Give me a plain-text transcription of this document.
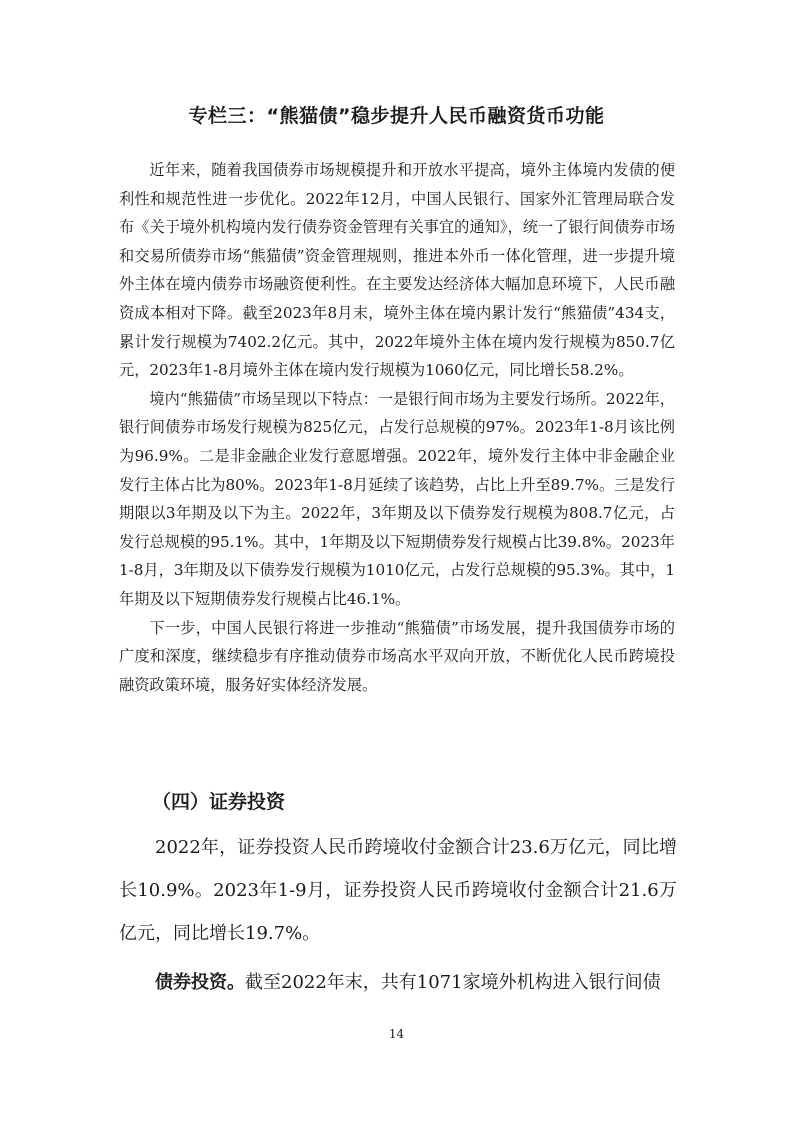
专栏三：“熊猫债”稳步提升人民币融资货币功能

近年来，随着我国债券市场规模提升和开放水平提高，境外主体境内发债的便利性和规范性进一步优化。2022年12月，中国人民银行、国家外汇管理局联合发布《关于境外机构境内发行债券资金管理有关事宜的通知》，统一了银行间债券市场和交易所债券市场“熊猫债”资金管理规则，推进本外币一体化管理，进一步提升境外主体在境内债券市场融资便利性。在主要发达经济体大幅加息环境下，人民币融资成本相对下降。截至2023年8月末，境外主体在境内累计发行“熊猫债”434支，累计发行规模为7402.2亿元。其中，2022年境外主体在境内发行规模为850.7亿元，2023年1-8月境外主体在境内发行规模为1060亿元，同比增长58.2%。

境内“熊猫债”市场呈现以下特点：一是银行间市场为主要发行场所。2022年，银行间债券市场发行规模为825亿元，占发行总规模的97%。2023年1-8月该比例为96.9%。二是非金融企业发行意愿增强。2022年，境外发行主体中非金融企业发行主体占比为80%。2023年1-8月延续了该趋势，占比上升至89.7%。三是发行期限以3年期及以下为主。2022年，3年期及以下债券发行规模为808.7亿元，占发行总规模的95.1%。其中，1年期及以下短期债券发行规模占比39.8%。2023年1-8月，3年期及以下债券发行规模为1010亿元，占发行总规模的95.3%。其中，1年期及以下短期债券发行规模占比46.1%。

下一步，中国人民银行将进一步推动“熊猫债”市场发展，提升我国债券市场的广度和深度，继续稳步有序推动债券市场高水平双向开放，不断优化人民币跨境投融资政策环境，服务好实体经济发展。

（四）证券投资

2022年，证券投资人民币跨境收付金额合计23.6万亿元，同比增长10.9%。2023年1-9月，证券投资人民币跨境收付金额合计21.6万亿元，同比增长19.7%。

债券投资。截至2022年末，共有1071家境外机构进入银行间债

14
